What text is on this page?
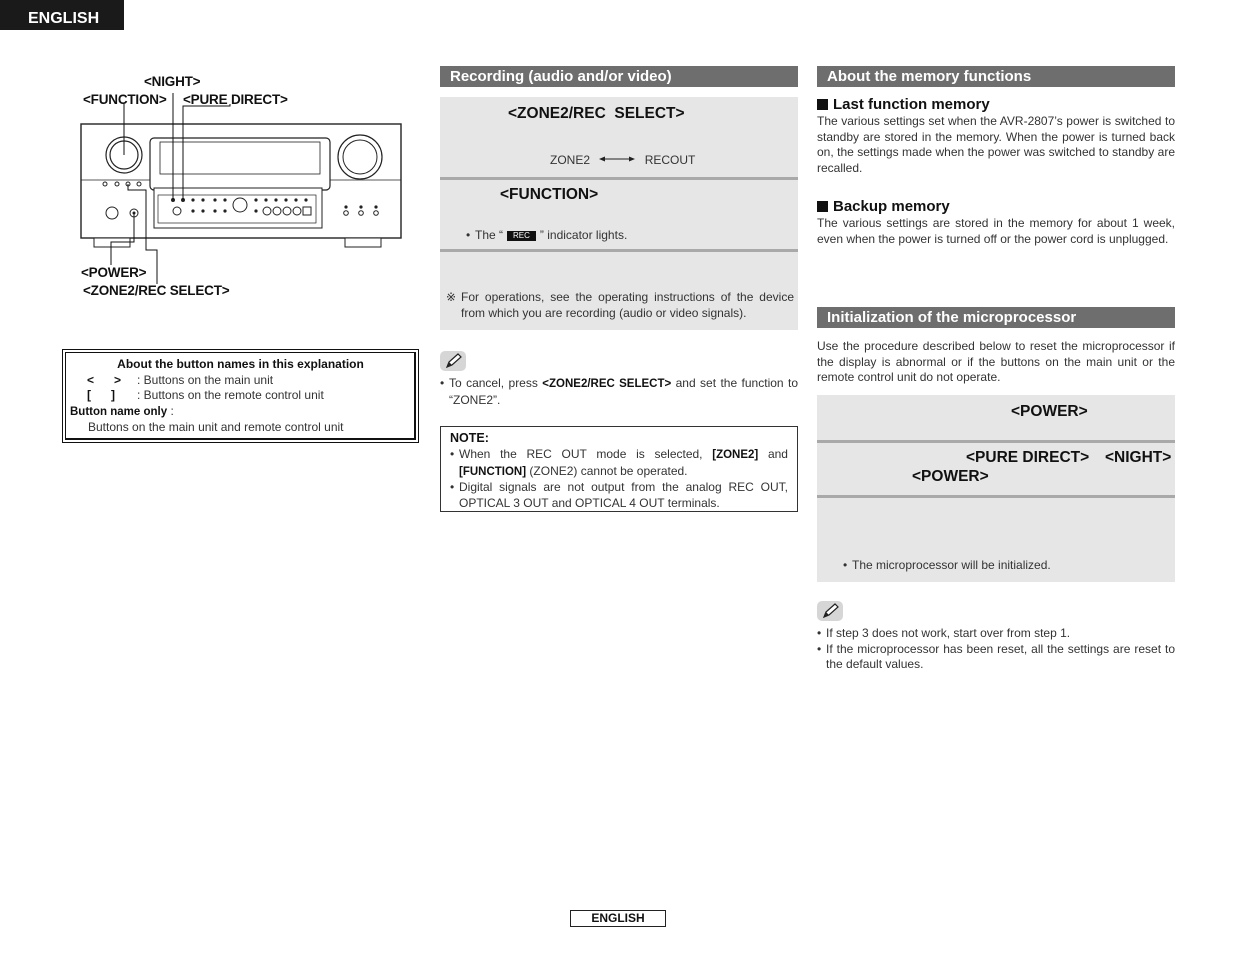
ENGLISH
<NIGHT>
<FUNCTION> <PURE DIRECT>
<POWER>
<ZONE2/REC SELECT>
About the button names in this explanation
<      > : Buttons on the main unit
[      ] : Buttons on the remote control unit
Button name only :
Buttons on the main unit and remote control unit
Recording (audio and/or video)
<ZONE2/REC  SELECT>
ZONE2	RECOUT
<FUNCTION>
• The “ REC ” indicator lights.
※ For operations, see the operating instructions of the device from which you are recording (audio or video signals).
• To cancel, press <ZONE2/REC SELECT> and set the function to “ZONE2”.
NOTE:
• When the REC OUT mode is selected, [ZONE2] and [FUNCTION] (ZONE2) cannot be operated.
• Digital signals are not output from the analog REC OUT, OPTICAL 3 OUT and OPTICAL 4 OUT terminals.
About the memory functions
Last function memory
The various settings set when the AVR-2807’s power is switched to standby are stored in the memory. When the power is turned back on, the settings made when the power was switched to standby are recalled.
Backup memory
The various settings are stored in the memory for about 1 week, even when the power is turned off or the power cord is unplugged.
Initialization of the microprocessor
Use the procedure described below to reset the microprocessor if the display is abnormal or if the buttons on the main unit or the remote control unit do not operate.
<POWER>
<PURE DIRECT> <NIGHT>
<POWER>
• The microprocessor will be initialized.
• If step 3 does not work, start over from step 1.
• If the microprocessor has been reset, all the settings are reset to the default values.
ENGLISH
